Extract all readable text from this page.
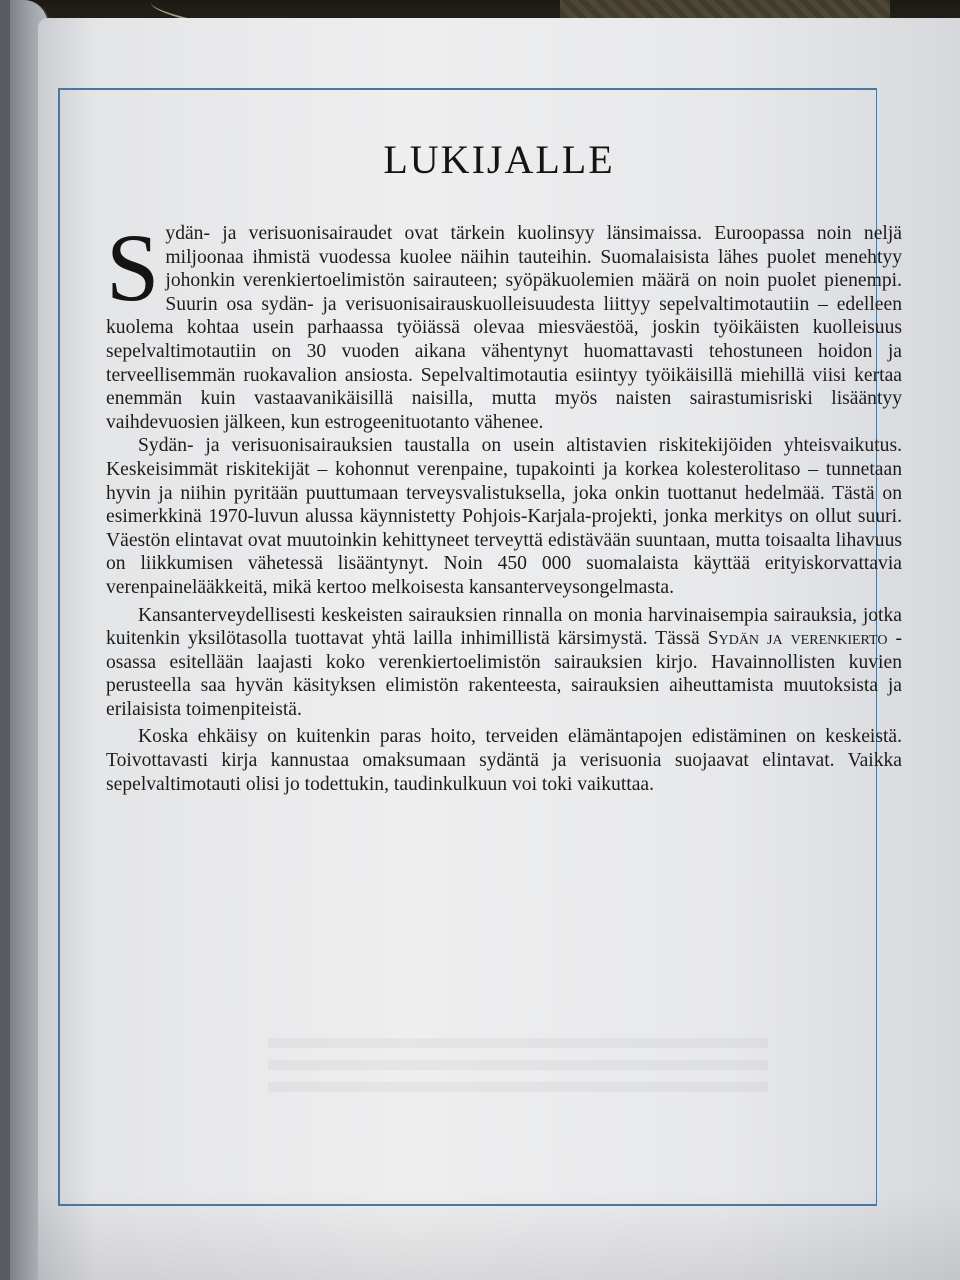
LUKIJALLE

Sydän- ja verisuonisairaudet ovat tärkein kuolinsyy länsimaissa. Euroopassa noin neljä miljoonaa ihmistä vuodessa kuolee näihin tauteihin. Suomalaisista lähes puolet menehtyy johonkin verenkiertoelimistön sairauteen; syöpäkuolemien määrä on noin puolet pienempi. Suurin osa sydän- ja verisuonisairauskuolleisuudesta liittyy sepelvaltimotautiin – edelleen kuolema kohtaa usein parhaassa työiässä olevaa miesväestöä, joskin työikäisten kuolleisuus sepelvaltimotautiin on 30 vuoden aikana vähentynyt huomattavasti tehostuneen hoidon ja terveellisemmän ruokavalion ansiosta. Sepelvaltimotautia esiintyy työikäisillä miehillä viisi kertaa enemmän kuin vastaavanikäisillä naisilla, mutta myös naisten sairastumisriski lisääntyy vaihdevuosien jälkeen, kun estrogeenituotanto vähenee.

Sydän- ja verisuonisairauksien taustalla on usein altistavien riskitekijöiden yhteisvaikutus. Keskeisimmät riskitekijät – kohonnut verenpaine, tupakointi ja korkea kolesterolitaso – tunnetaan hyvin ja niihin pyritään puuttumaan terveysvalistuksella, joka onkin tuottanut hedelmää. Tästä on esimerkkinä 1970-luvun alussa käynnistetty Pohjois-Karjala-projekti, jonka merkitys on ollut suuri. Väestön elintavat ovat muutoinkin kehittyneet terveyttä edistävään suuntaan, mutta toisaalta lihavuus on liikkumisen vähetessä lisääntynyt. Noin 450 000 suomalaista käyttää erityiskorvattavia verenpainelääkkeitä, mikä kertoo melkoisesta kansanterveysongelmasta.

Kansanterveydellisesti keskeisten sairauksien rinnalla on monia harvinaisempia sairauksia, jotka kuitenkin yksilötasolla tuottavat yhtä lailla inhimillistä kärsimystä. Tässä Sydän ja verenkierto -osassa esitellään laajasti koko verenkiertoelimistön sairauksien kirjo. Havainnollisten kuvien perusteella saa hyvän käsityksen elimistön rakenteesta, sairauksien aiheuttamista muutoksista ja erilaisista toimenpiteistä.

Koska ehkäisy on kuitenkin paras hoito, terveiden elämäntapojen edistäminen on keskeistä. Toivottavasti kirja kannustaa omaksumaan sydäntä ja verisuonia suojaavat elintavat. Vaikka sepelvaltimotauti olisi jo todettukin, taudinkulkuun voi toki vaikuttaa.
